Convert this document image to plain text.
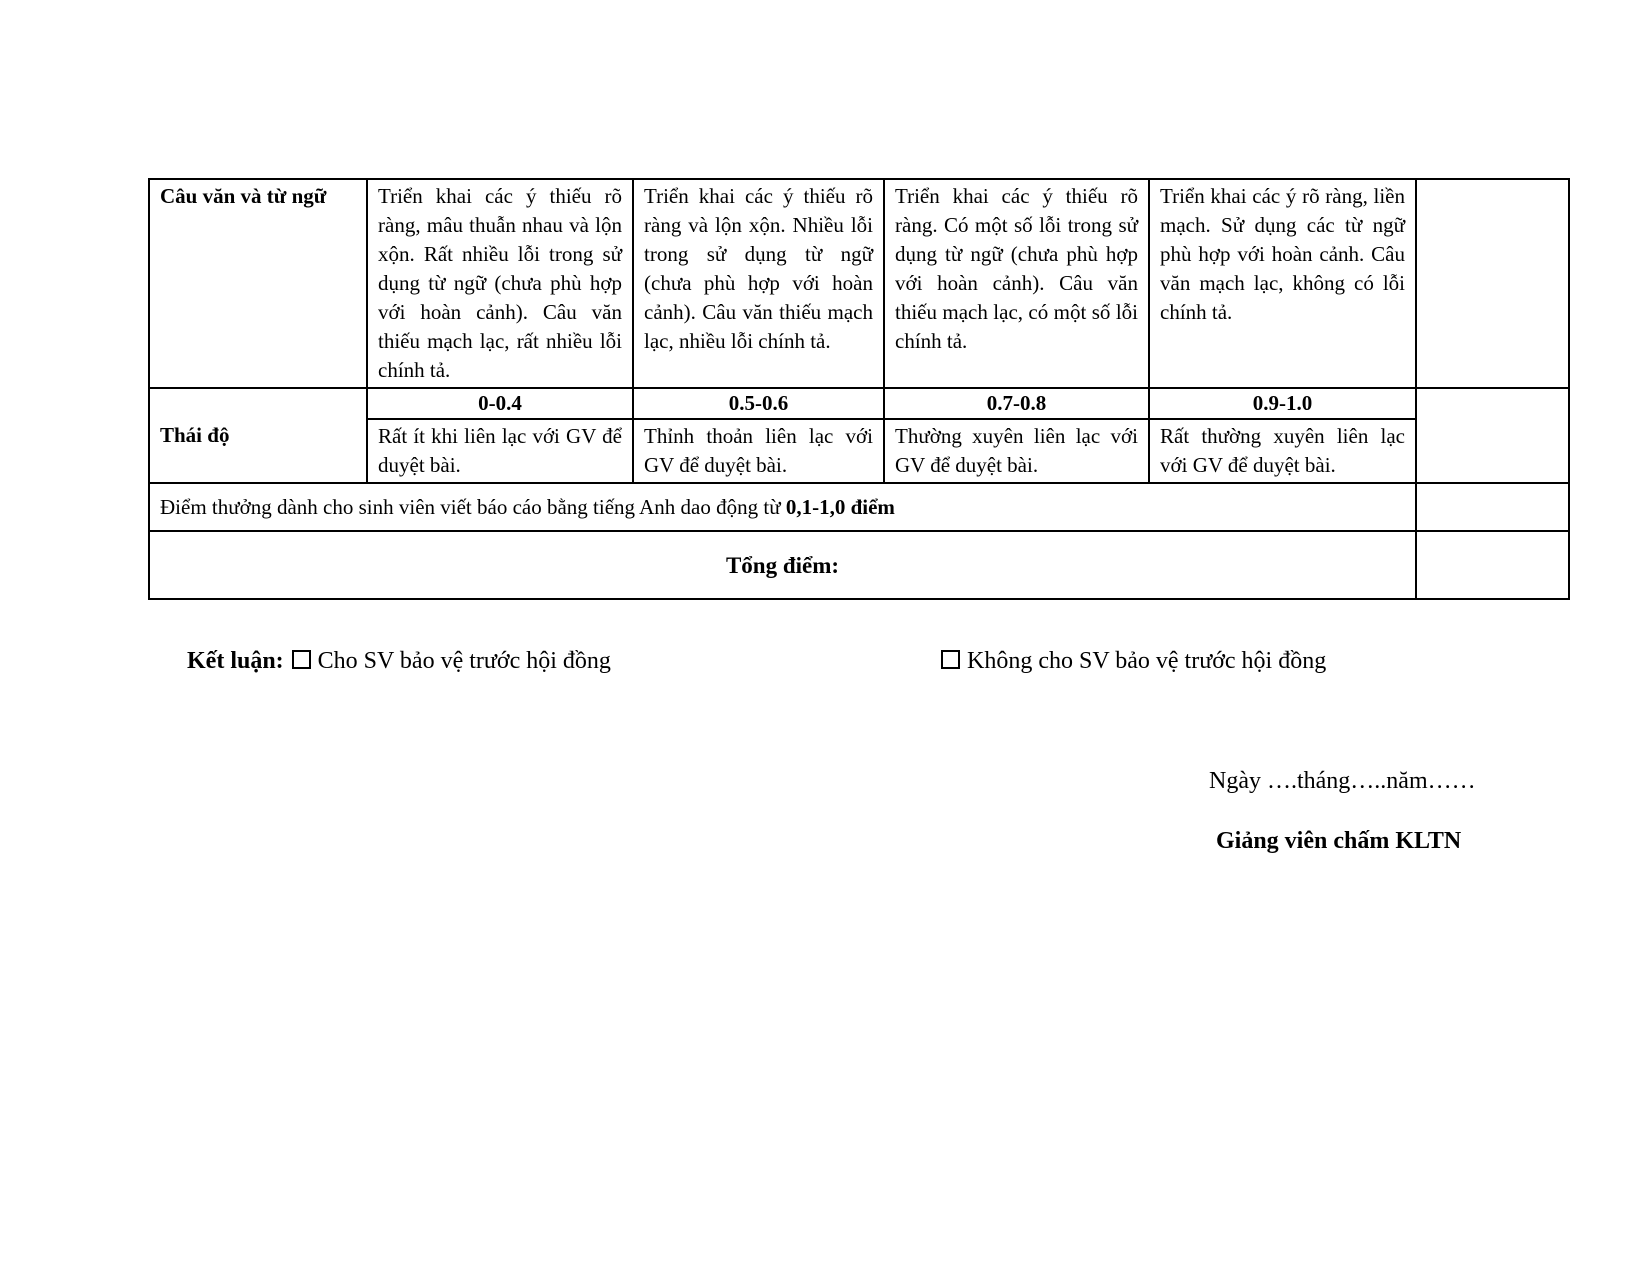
Câu văn và từ ngữ	Triển khai các ý thiếu rõ ràng, mâu thuẫn nhau và lộn xộn. Rất nhiều lỗi trong sử dụng từ ngữ (chưa phù hợp với hoàn cảnh). Câu văn thiếu mạch lạc, rất nhiều lỗi chính tả.	Triển khai các ý thiếu rõ ràng và lộn xộn. Nhiều lỗi trong sử dụng từ ngữ (chưa phù hợp với hoàn cảnh). Câu văn thiếu mạch lạc, nhiều lỗi chính tả.	Triển khai các ý thiếu rõ ràng. Có một số lỗi trong sử dụng từ ngữ (chưa phù hợp với hoàn cảnh). Câu văn thiếu mạch lạc, có một số lỗi chính tả.	Triển khai các ý rõ ràng, liền mạch. Sử dụng các từ ngữ phù hợp với hoàn cảnh. Câu văn mạch lạc, không có lỗi chính tả.	
Thái độ	0-0.4	0.5-0.6	0.7-0.8	0.9-1.0	
	Rất ít khi liên lạc với GV để duyệt bài.	Thỉnh thoản liên lạc với GV để duyệt bài.	Thường xuyên liên lạc với GV để duyệt bài.	Rất thường xuyên liên lạc với GV để duyệt bài.	
Điểm thưởng dành cho sinh viên viết báo cáo bằng tiếng Anh dao động từ 0,1-1,0 điểm					
Tổng điểm:					
Kết luận: Cho SV bảo vệ trước hội đồng	Không cho SV bảo vệ trước hội đồng
Ngày ….tháng…..năm……
Giảng viên chấm KLTN
